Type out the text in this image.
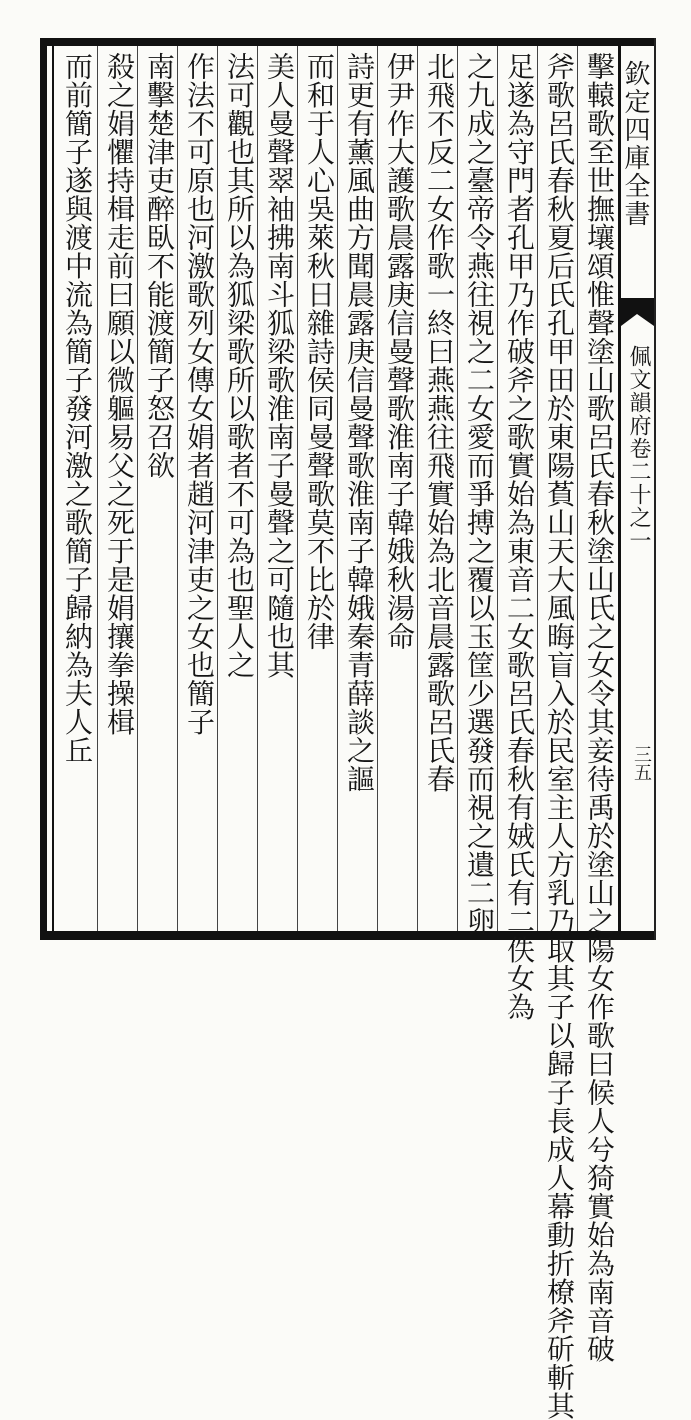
擊轅歌至世撫壤頌惟聲塗山歌呂氏春秋塗山氏之女令其妾待禹於塗山之陽女作歌曰候人兮猗實始為南音破
斧歌呂氏春秋夏后氏孔甲田於東陽萯山天大風晦盲入於民室主人方乳乃取其子以歸子長成人幕動折橑斧斫斬其
足遂為守門者孔甲乃作破斧之歌實始為東音二女歌呂氏春秋有娀氏有二佚女為
之九成之臺帝令燕往視之二女愛而爭搏之覆以玉筐少選發而視之遺二卵
北飛不反二女作歌一終曰燕燕往飛實始為北音晨露歌呂氏春
伊尹作大護歌晨露庚信曼聲歌淮南子韓娥秋湯命
詩更有薰風曲方聞晨露庚信曼聲歌淮南子韓娥秦青薛談之謳
而和于人心吳萊秋日雜詩侯同曼聲歌莫不比於律
美人曼聲翠袖拂南斗狐梁歌淮南子曼聲之可隨也其
法可觀也其所以為狐梁歌所以歌者不可為也聖人之
作法不可原也河激歌列女傳女娟者趙河津吏之女也簡子
南擊楚津吏醉臥不能渡簡子怒召欲
殺之娟懼持楫走前曰願以微軀易父之死于是娟攘拳操楫
而前簡子遂與渡中流為簡子發河激之歌簡子歸納為夫人丘	欽定四庫全書
佩文韻府卷二十之一
三五
